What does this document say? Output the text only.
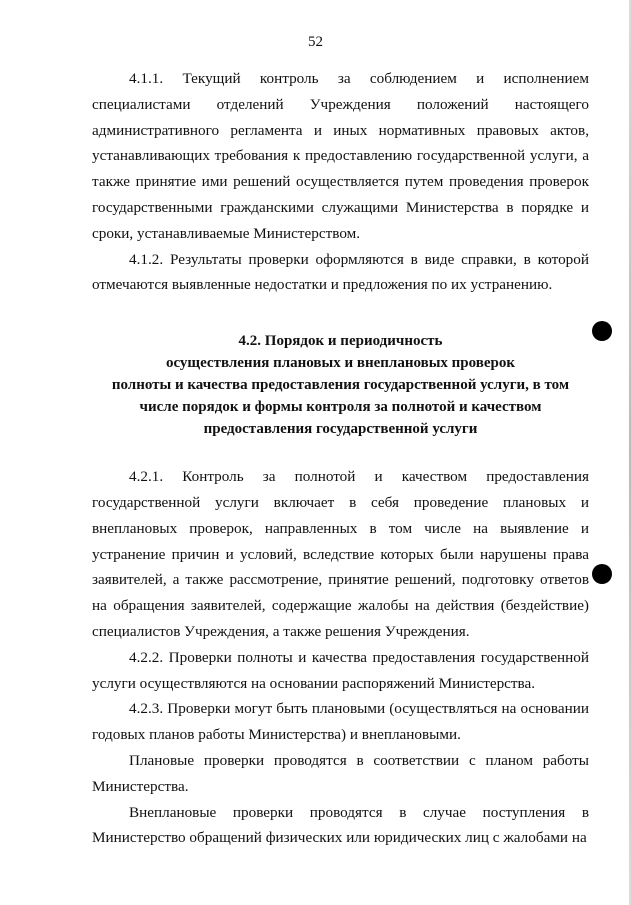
52

4.1.1. Текущий контроль за соблюдением и исполнением специалистами отделений Учреждения положений настоящего административного регламента и иных нормативных правовых актов, устанавливающих требования к предоставлению государственной услуги, а также принятие ими решений осуществляется путем проведения проверок государственными гражданскими служащими Министерства в порядке и сроки, устанавливаемые Министерством.

4.1.2. Результаты проверки оформляются в виде справки, в которой отмечаются выявленные недостатки и предложения по их устранению.

4.2. Порядок и периодичность
осуществления плановых и внеплановых проверок
полноты и качества предоставления государственной услуги, в том
числе порядок и формы контроля за полнотой и качеством
предоставления государственной услуги

4.2.1. Контроль за полнотой и качеством предоставления государственной услуги включает в себя проведение плановых и внеплановых проверок, направленных в том числе на выявление и устранение причин и условий, вследствие которых были нарушены права заявителей, а также рассмотрение, принятие решений, подготовку ответов на обращения заявителей, содержащие жалобы на действия (бездействие) специалистов Учреждения, а также решения Учреждения.

4.2.2. Проверки полноты и качества предоставления государственной услуги осуществляются на основании распоряжений Министерства.

4.2.3. Проверки могут быть плановыми (осуществляться на основании годовых планов работы Министерства) и внеплановыми.

Плановые проверки проводятся в соответствии с планом работы Министерства.

Внеплановые проверки проводятся в случае поступления в Министерство обращений физических или юридических лиц с жалобами на
